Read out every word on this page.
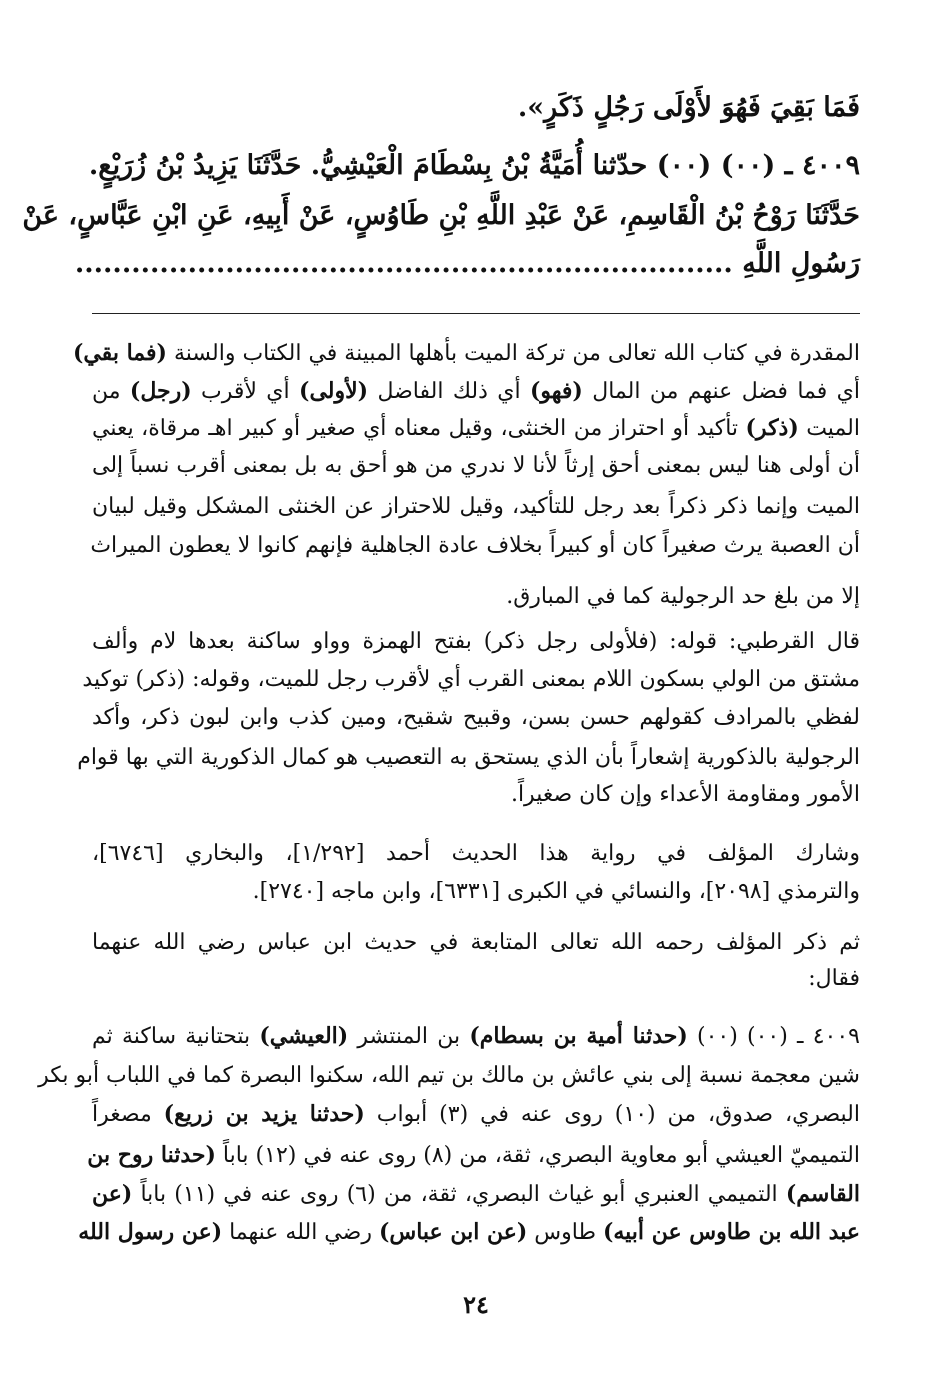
فَمَا بَقِيَ فَهُوَ لأَوْلَى رَجُلٍ ذَكَرٍ».
٤٠٠٩ ـ (٠٠) (٠٠) حدّثنا أُمَيَّةُ بْنُ بِسْطَامَ الْعَيْشِيُّ. حَدَّثَنَا يَزِيدُ بْنُ زُرَيْعٍ.
حَدَّثَنَا رَوْحُ بْنُ الْقَاسِمِ، عَنْ عَبْدِ اللَّهِ بْنِ طَاوُسٍ، عَنْ أَبِيهِ، عَنِ ابْنِ عَبَّاسٍ، عَنْ
رَسُولِ اللَّهِ ......................................................................
المقدرة في كتاب الله تعالى من تركة الميت بأهلها المبينة في الكتاب والسنة (فما بقي)
أي فما فضل عنهم من المال (فهو) أي ذلك الفاضل (لأولى) أي لأقرب (رجل) من
الميت (ذكر) تأكيد أو احتراز من الخنثى، وقيل معناه أي صغير أو كبير اهـ مرقاة، يعني
أن أولى هنا ليس بمعنى أحق إرثاً لأنا لا ندري من هو أحق به بل بمعنى أقرب نسباً إلى
الميت وإنما ذكر ذكراً بعد رجل للتأكيد، وقيل للاحتراز عن الخنثى المشكل وقيل لبيان
أن العصبة يرث صغيراً كان أو كبيراً بخلاف عادة الجاهلية فإنهم كانوا لا يعطون الميراث
إلا من بلغ حد الرجولية كما في المبارق.
قال القرطبي: قوله: (فلأولى رجل ذكر) بفتح الهمزة وواو ساكنة بعدها لام وألف
مشتق من الولي بسكون اللام بمعنى القرب أي لأقرب رجل للميت، وقوله: (ذكر) توكيد
لفظي بالمرادف كقولهم حسن بسن، وقبيح شقيح، ومين كذب وابن لبون ذكر، وأكد
الرجولية بالذكورية إشعاراً بأن الذي يستحق به التعصيب هو كمال الذكورية التي بها قوام
الأمور ومقاومة الأعداء وإن كان صغيراً.
وشارك المؤلف في رواية هذا الحديث أحمد [١/٢٩٢]، والبخاري [٦٧٤٦]،
والترمذي [٢٠٩٨]، والنسائي في الكبرى [٦٣٣١]، وابن ماجه [٢٧٤٠].
ثم ذكر المؤلف رحمه الله تعالى المتابعة في حديث ابن عباس رضي الله عنهما
فقال:
٤٠٠٩ ـ (٠٠) (٠٠) (حدثنا أمية بن بسطام) بن المنتشر (العيشي) بتحتانية ساكنة ثم
شين معجمة نسبة إلى بني عائش بن مالك بن تيم الله، سكنوا البصرة كما في اللباب أبو بكر
البصري، صدوق، من (١٠) روى عنه في (٣) أبواب (حدثنا يزيد بن زريع) مصغراً
التميميّ العيشي أبو معاوية البصري، ثقة، من (٨) روى عنه في (١٢) باباً (حدثنا روح بن
القاسم) التميمي العنبري أبو غياث البصري، ثقة، من (٦) روى عنه في (١١) باباً (عن
عبد الله بن طاوس عن أبيه) طاوس (عن ابن عباس) رضي الله عنهما (عن رسول الله
٢٤
